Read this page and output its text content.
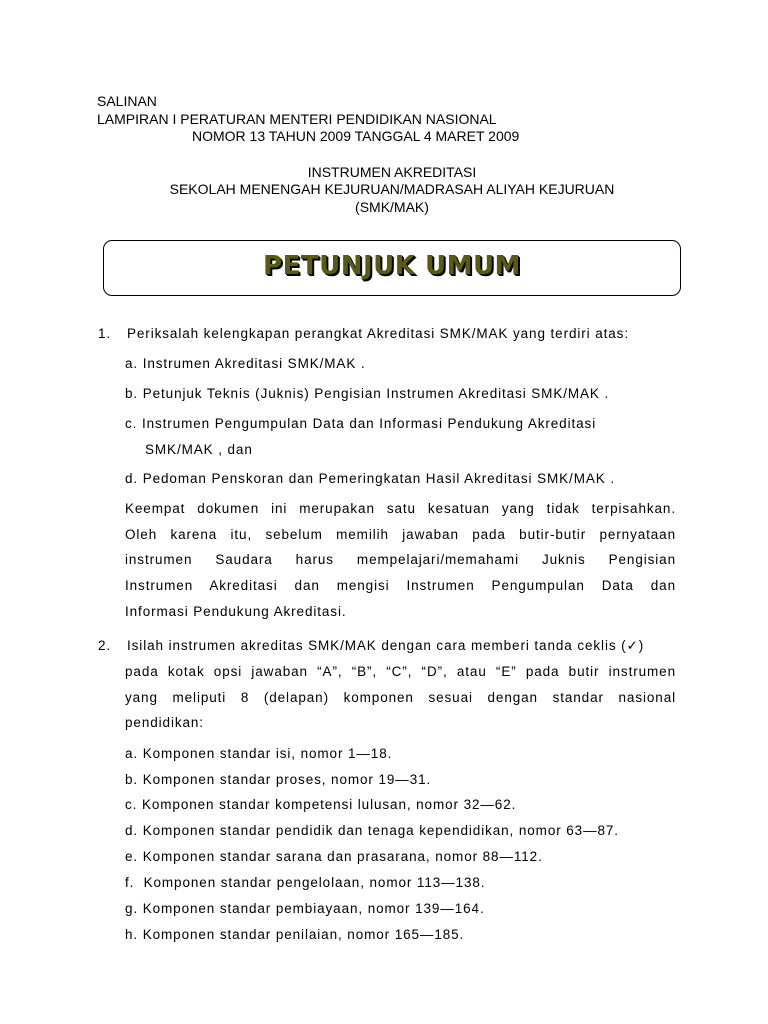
SALINAN
LAMPIRAN I PERATURAN MENTERI PENDIDIKAN NASIONAL
NOMOR 13 TAHUN 2009 TANGGAL 4 MARET 2009
INSTRUMEN AKREDITASI
SEKOLAH MENENGAH KEJURUAN/MADRASAH ALIYAH KEJURUAN
(SMK/MAK)
PETUNJUK UMUM
1. Periksalah kelengkapan perangkat Akreditasi SMK/MAK yang terdiri atas:
a. Instrumen Akreditasi SMK/MAK .
b. Petunjuk Teknis (Juknis) Pengisian Instrumen Akreditasi SMK/MAK .
c. Instrumen Pengumpulan Data dan Informasi Pendukung Akreditasi
SMK/MAK , dan
d. Pedoman Penskoran dan Pemeringkatan Hasil Akreditasi SMK/MAK .
Keempat dokumen ini merupakan satu kesatuan yang tidak terpisahkan.
Oleh karena itu, sebelum memilih jawaban pada butir-butir pernyataan
instrumen Saudara harus mempelajari/memahami Juknis Pengisian
Instrumen Akreditasi dan mengisi Instrumen Pengumpulan Data dan
Informasi Pendukung Akreditasi.
2. Isilah instrumen akreditas SMK/MAK dengan cara memberi tanda ceklis (✓)
pada kotak opsi jawaban “A”, “B”, “C”, “D”, atau “E” pada butir instrumen
yang meliputi 8 (delapan) komponen sesuai dengan standar nasional
pendidikan:
a. Komponen standar isi, nomor 1—18.
b. Komponen standar proses, nomor 19—31.
c. Komponen standar kompetensi lulusan, nomor 32—62.
d. Komponen standar pendidik dan tenaga kependidikan, nomor 63—87.
e. Komponen standar sarana dan prasarana, nomor 88—112.
f.  Komponen standar pengelolaan, nomor 113—138.
g. Komponen standar pembiayaan, nomor 139—164.
h. Komponen standar penilaian, nomor 165—185.
